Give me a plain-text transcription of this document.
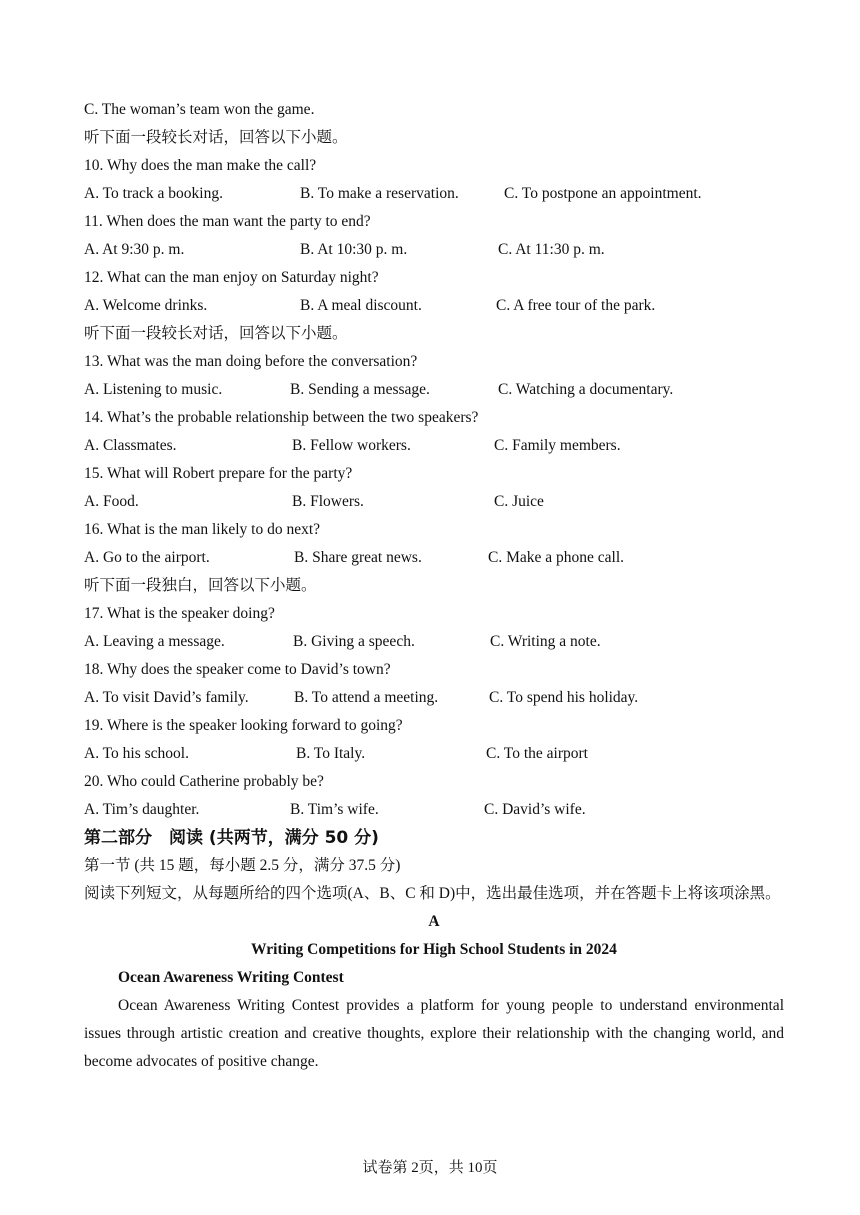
C. The woman’s team won the game.
听下面一段较长对话，回答以下小题。
10. Why does the man make the call?
A. To track a booking.	B. To make a reservation.	C. To postpone an appointment.
11. When does the man want the party to end?
A. At 9:30 p. m.	B. At 10:30 p. m.	C. At 11:30 p. m.
12. What can the man enjoy on Saturday night?
A. Welcome drinks.	B. A meal discount.	C. A free tour of the park.
听下面一段较长对话，回答以下小题。
13. What was the man doing before the conversation?
A. Listening to music.	B. Sending a message.	C. Watching a documentary.
14. What’s the probable relationship between the two speakers?
A. Classmates.	B. Fellow workers.	C. Family members.
15. What will Robert prepare for the party?
A. Food.	B. Flowers.	C. Juice
16. What is the man likely to do next?
A. Go to the airport.	B. Share great news.	C. Make a phone call.
听下面一段独白，回答以下小题。
17. What is the speaker doing?
A. Leaving a message.	B. Giving a speech.	C. Writing a note.
18. Why does the speaker come to David’s town?
A. To visit David’s family.	B. To attend a meeting.	C. To spend his holiday.
19. Where is the speaker looking forward to going?
A. To his school.	B. To Italy.	C. To the airport
20. Who could Catherine probably be?
A. Tim’s daughter.	B. Tim’s wife.	C. David’s wife.
第二部分　阅读 (共两节，满分 50 分)
第一节 (共 15 题，每小题 2.5 分，满分 37.5 分)
阅读下列短文，从每题所给的四个选项(A、B、C 和 D)中，选出最佳选项，并在答题卡上将该项涂黑。
A
Writing Competitions for High School Students in 2024
Ocean Awareness Writing Contest
Ocean Awareness Writing Contest provides a platform for young people to understand environmental issues through artistic creation and creative thoughts, explore their relationship with the changing world, and become advocates of positive change.
试卷第 2页，共 10页
